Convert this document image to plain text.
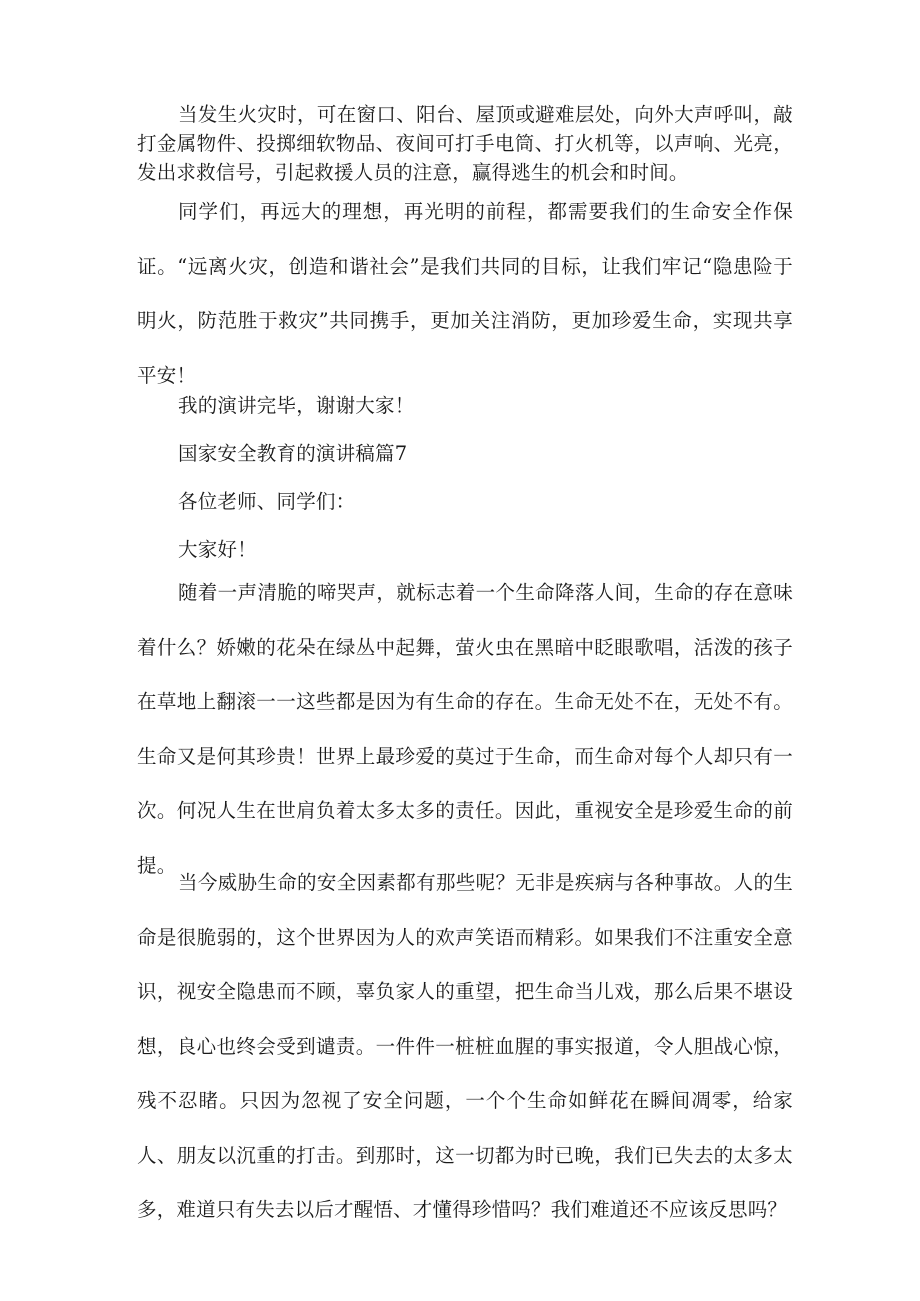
当发生火灾时，可在窗口、阳台、屋顶或避难层处，向外大声呼叫，敲打金属物件、投掷细软物品、夜间可打手电筒、打火机等，以声响、光亮，发出求救信号，引起救援人员的注意，赢得逃生的机会和时间。

同学们，再远大的理想，再光明的前程，都需要我们的生命安全作保证。“远离火灾，创造和谐社会”是我们共同的目标，让我们牢记“隐患险于明火，防范胜于救灾”共同携手，更加关注消防，更加珍爱生命，实现共享平安！

我的演讲完毕，谢谢大家！

国家安全教育的演讲稿篇7

各位老师、同学们：

大家好！

随着一声清脆的啼哭声，就标志着一个生命降落人间，生命的存在意味着什么？娇嫩的花朵在绿丛中起舞，萤火虫在黑暗中眨眼歌唱，活泼的孩子在草地上翻滚一一这些都是因为有生命的存在。生命无处不在，无处不有。生命又是何其珍贵！世界上最珍爱的莫过于生命，而生命对每个人却只有一次。何况人生在世肩负着太多太多的责任。因此，重视安全是珍爱生命的前提。

当今威胁生命的安全因素都有那些呢？无非是疾病与各种事故。人的生命是很脆弱的，这个世界因为人的欢声笑语而精彩。如果我们不注重安全意识，视安全隐患而不顾，辜负家人的重望，把生命当儿戏，那么后果不堪设想，良心也终会受到谴责。一件件一桩桩血腥的事实报道，令人胆战心惊，残不忍睹。只因为忽视了安全问题，一个个生命如鲜花在瞬间凋零，给家人、朋友以沉重的打击。到那时，这一切都为时已晚，我们已失去的太多太多，难道只有失去以后才醒悟、才懂得珍惜吗？我们难道还不应该反思吗？
